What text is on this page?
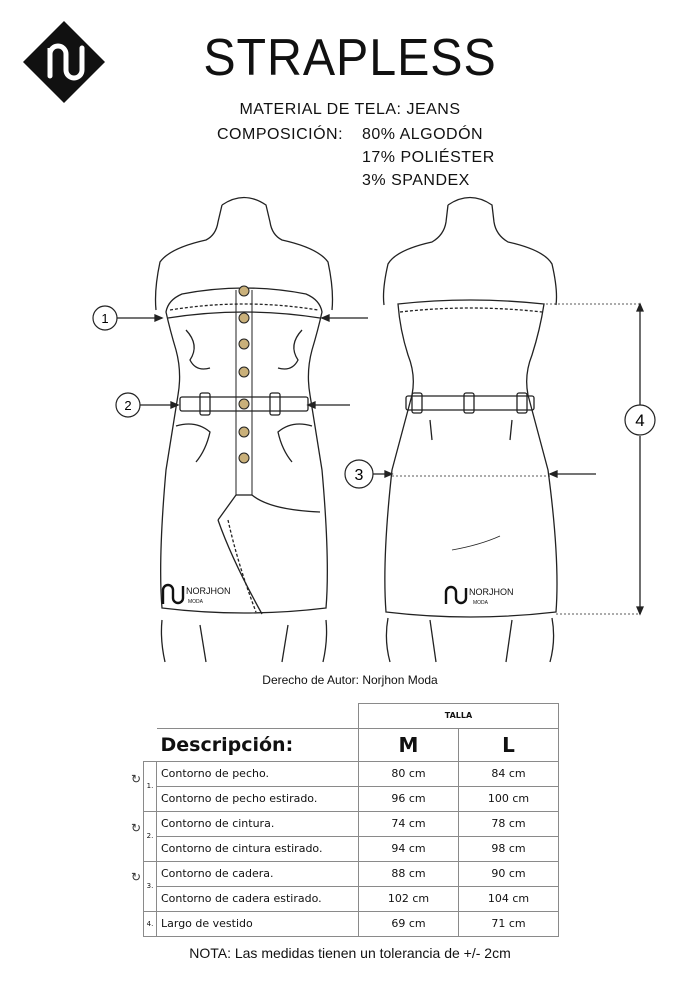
STRAPLESS
MATERIAL DE TELA: JEANS
COMPOSICIÓN: 80% ALGODÓN
17% POLIÉSTER
3% SPANDEX
1
2
3
4
NORJHON
MODA
NORJHON
MODA
Derecho de Autor: Norjhon Moda
↻
↻
↻
		TALLA	
	Descripción:	M	L
1.	Contorno de pecho.	80 cm	84 cm
	Contorno de pecho estirado.	96 cm	100 cm
2.	Contorno de cintura.	74 cm	78 cm
	Contorno de cintura estirado.	94 cm	98 cm
3.	Contorno de cadera.	88 cm	90 cm
	Contorno de cadera estirado.	102 cm	104 cm
4.	Largo de vestido	69 cm	71 cm
NOTA: Las medidas tienen un tolerancia de +/- 2cm
